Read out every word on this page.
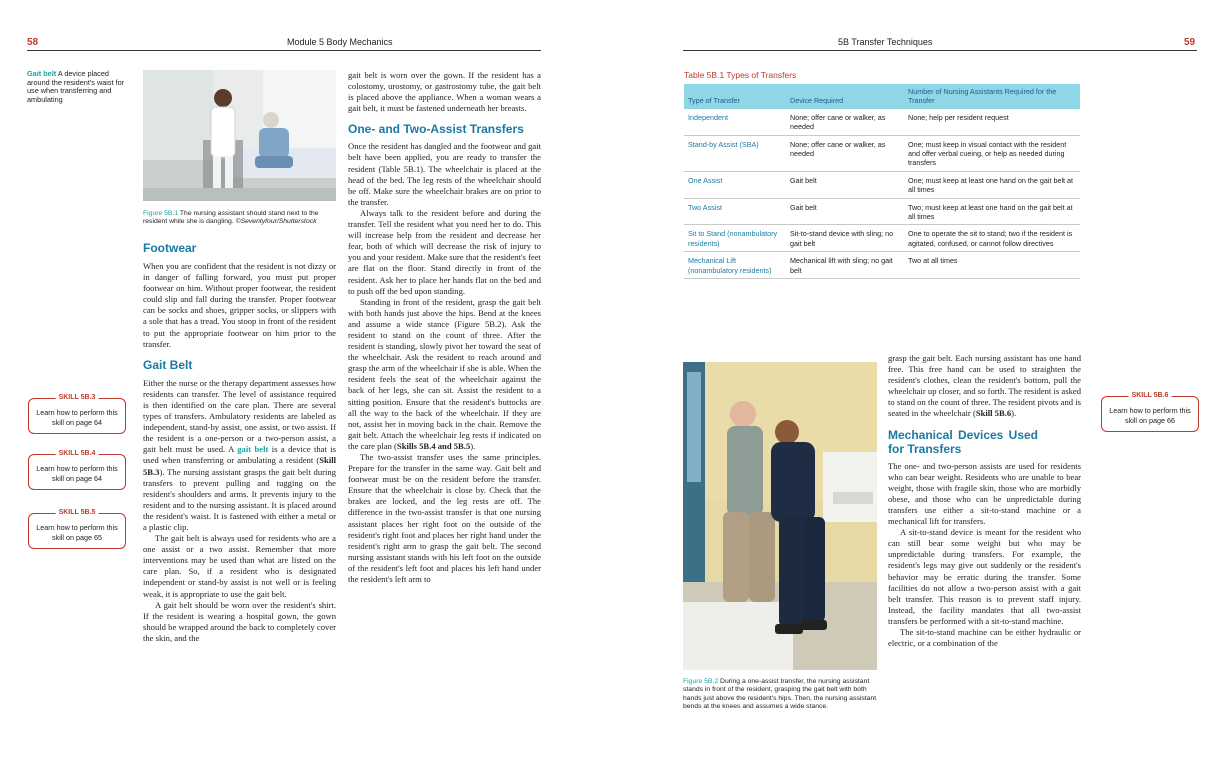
58	Module 5 Body Mechanics
Gait belt A device placed around the resident's waist for use when transferring and ambulating
SKILL 5B.3
Learn how to perform this skill on page 64
SKILL 5B.4
Learn how to perform this skill on page 64
SKILL 5B.5
Learn how to perform this skill on page 65
Figure 5B.1 The nursing assistant should stand next to the resident while she is dangling. ©Seventyfour/Shutterstock
Footwear

When you are confident that the resident is not dizzy or in danger of falling forward, you must put proper footwear on him. Without proper footwear, the resident could slip and fall during the transfer. Proper footwear can be socks and shoes, gripper socks, or slippers with a sole that has a tread. You stoop in front of the resident to put the appropriate footwear on him prior to the transfer.

Gait Belt

Either the nurse or the therapy department assesses how residents can transfer. The level of assistance required is then identified on the care plan. There are several types of transfers. Ambulatory residents are labeled as independent, stand-by assist, one assist, or two assist. If the resident is a one-person or a two-person assist, a gait belt must be used. A gait belt is a device that is used when transferring or ambulating a resident (Skill 5B.3). The nursing assistant grasps the gait belt during transfers to prevent pulling and tugging on the resident's shoulders and arms. It prevents injury to the resident and to the nursing assistant. It is placed around the resident's waist. It is fastened with either a metal or a plastic clip.

The gait belt is always used for residents who are a one assist or a two assist. Remember that more interventions may be used than what are listed on the care plan. So, if a resident who is designated independent or stand-by assist is not well or is feeling weak, it is appropriate to use the gait belt.

A gait belt should be worn over the resident's shirt. If the resident is wearing a hospital gown, the gown should be wrapped around the back to completely cover the skin, and the

gait belt is worn over the gown. If the resident has a colostomy, urostomy, or gastrostomy tube, the gait belt is placed above the appliance. When a woman wears a gait belt, it must be fastened underneath her breasts.

One- and Two-Assist Transfers

Once the resident has dangled and the footwear and gait belt have been applied, you are ready to transfer the resident (Table 5B.1). The wheelchair is placed at the head of the bed. The leg rests of the wheelchair should be off. Make sure the wheelchair brakes are on prior to the transfer.

Always talk to the resident before and during the transfer. Tell the resident what you need her to do. This will increase help from the resident and decrease her fear, both of which will decrease the risk of injury to you and your resident. Make sure that the resident's feet are flat on the floor. Stand directly in front of the resident. Ask her to place her hands flat on the bed and to push off the bed upon standing.

Standing in front of the resident, grasp the gait belt with both hands just above the hips. Bend at the knees and assume a wide stance (Figure 5B.2). Ask the resident to stand on the count of three. After the resident is standing, slowly pivot her toward the seat of the wheelchair. Ask the resident to reach around and grasp the arm of the wheelchair if she is able. When the resident feels the seat of the wheelchair against the back of her legs, she can sit. Assist the resident to a sitting position. Ensure that the resident's buttocks are all the way to the back of the wheelchair. If they are not, assist her in moving back in the chair. Remove the gait belt. Attach the wheelchair leg rests if indicated on the care plan (Skills 5B.4 and 5B.5).

The two-assist transfer uses the same principles. Prepare for the transfer in the same way. Gait belt and footwear must be on the resident before the transfer. Ensure that the wheelchair is close by. Check that the brakes are locked, and the leg rests are off. The difference in the two-assist transfer is that one nursing assistant places her right foot on the outside of the resident's right foot and places her right hand under the resident's right arm to grasp the gait belt. The second nursing assistant stands with his left foot on the outside of the resident's left foot and places his left hand under the resident's left arm to

5B Transfer Techniques	59
Table 5B.1 Types of Transfers
Type of Transfer	Device Required	Number of Nursing Assistants Required for the Transfer
Independent	None; offer cane or walker, as needed	None; help per resident request
Stand-by Assist (SBA)	None; offer cane or walker, as needed	One; must keep in visual contact with the resident and offer verbal cueing, or help as needed during transfers
One Assist	Gait belt	One; must keep at least one hand on the gait belt at all times
Two Assist	Gait belt	Two; must keep at least one hand on the gait belt at all times
Sit to Stand (nonambulatory residents)	Sit-to-stand device with sling; no gait belt	One to operate the sit to stand; two if the resident is agitated, confused, or cannot follow directives
Mechanical Lift (nonambulatory residents)	Mechanical lift with sling; no gait belt	Two at all times
Figure 5B.2 During a one-assist transfer, the nursing assistant stands in front of the resident, grasping the gait belt with both hands just above the resident's hips. Then, the nursing assistant bends at the knees and assumes a wide stance.

grasp the gait belt. Each nursing assistant has one hand free. This free hand can be used to straighten the resident's clothes, clean the resident's bottom, pull the wheelchair up closer, and so forth. The resident is asked to stand on the count of three. The resident pivots and is seated in the wheelchair (Skill 5B.6).

Mechanical Devices Used for Transfers

The one- and two-person assists are used for residents who can bear weight. Residents who are unable to bear weight, those with fragile skin, those who are morbidly obese, and those who can be unpredictable during transfers use either a sit-to-stand machine or a mechanical lift for transfers.

A sit-to-stand device is meant for the resident who can still bear some weight but who may be unpredictable during transfers. For example, the resident's legs may give out suddenly or the resident's behavior may be erratic during the transfer. Some facilities do not allow a two-person assist with a gait belt transfer. This reason is to prevent staff injury. Instead, the facility mandates that all two-assist transfers be performed with a sit-to-stand machine.

The sit-to-stand machine can be either hydraulic or electric, or a combination of the

SKILL 5B.6
Learn how to perform this skill on page 66
